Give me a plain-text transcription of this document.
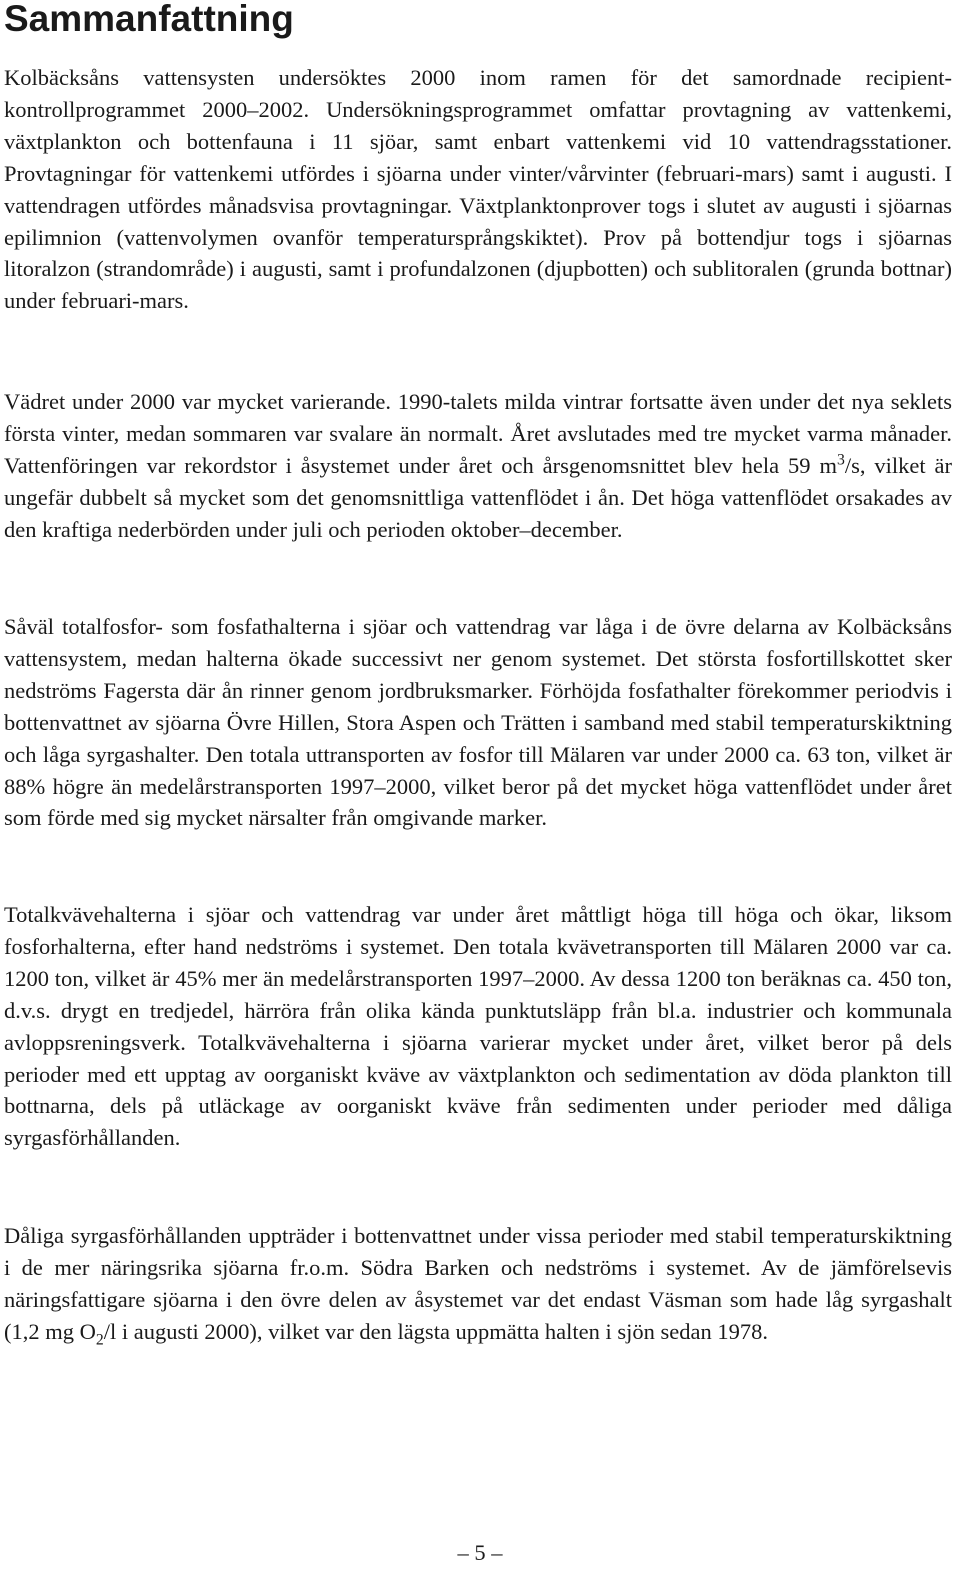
Sammanfattning

Kolbäcksåns vattensysten undersöktes 2000 inom ramen för det samordnade recipientkontrollprogrammet 2000–2002. Undersökningsprogrammet omfattar provtagning av vattenkemi, växtplankton och bottenfauna i 11 sjöar, samt enbart vattenkemi vid 10 vattendragsstationer. Provtagningar för vattenkemi utfördes i sjöarna under vinter/vårvinter (februari-mars) samt i augusti. I vattendragen utfördes månadsvisa provtagningar. Växtplanktonprover togs i slutet av augusti i sjöarnas epilimnion (vattenvolymen ovanför temperatursprångskiktet). Prov på bottendjur togs i sjöarnas litoralzon (strandområde) i augusti, samt i profundalzonen (djupbotten) och sublitoralen (grunda bottnar) under februari-mars.

Vädret under 2000 var mycket varierande. 1990-talets milda vintrar fortsatte även under det nya seklets första vinter, medan sommaren var svalare än normalt. Året avslutades med tre mycket varma månader. Vattenföringen var rekordstor i åsystemet under året och årsgenomsnittet blev hela 59 $m^3/s$, vilket är ungefär dubbelt så mycket som det genomsnittliga vattenflödet i ån. Det höga vattenflödet orsakades av den kraftiga nederbörden under juli och perioden oktober–december.

Såväl totalfosfor- som fosfathalterna i sjöar och vattendrag var låga i de övre delarna av Kolbäcksåns vattensystem, medan halterna ökade successivt ner genom systemet. Det största fosfortillskottet sker nedströms Fagersta där ån rinner genom jordbruksmarker. Förhöjda fosfathalter förekommer periodvis i bottenvattnet av sjöarna Övre Hillen, Stora Aspen och Trätten i samband med stabil temperaturskiktning och låga syrgashalter. Den totala uttransporten av fosfor till Mälaren var under 2000 ca. 63 ton, vilket är 88% högre än medelårstransporten 1997–2000, vilket beror på det mycket höga vattenflödet under året som förde med sig mycket närsalter från omgivande marker.

Totalkvävehalterna i sjöar och vattendrag var under året måttligt höga till höga och ökar, liksom fosforhalterna, efter hand nedströms i systemet. Den totala kvävetransporten till Mälaren 2000 var ca. 1200 ton, vilket är 45% mer än medelårstransporten 1997–2000. Av dessa 1200 ton beräknas ca. 450 ton, d.v.s. drygt en tredjedel, härröra från olika kända punktutsläpp från bl.a. industrier och kommunala avloppsreningsverk. Totalkvävehalterna i sjöarna varierar mycket under året, vilket beror på dels perioder med ett upptag av oorganiskt kväve av växtplankton och sedimentation av döda plankton till bottnarna, dels på utläckage av oorganiskt kväve från sedimenten under perioder med dåliga syrgasförhållanden.

Dåliga syrgasförhållanden uppträder i bottenvattnet under vissa perioder med stabil temperaturskiktning i de mer näringsrika sjöarna fr.o.m. Södra Barken och nedströms i systemet. Av de jämförelsevis näringsfattigare sjöarna i den övre delen av åsystemet var det endast Väsman som hade låg syrgashalt (1,2 mg $O_2/l$ i augusti 2000), vilket var den lägsta uppmätta halten i sjön sedan 1978.

– 5 –
